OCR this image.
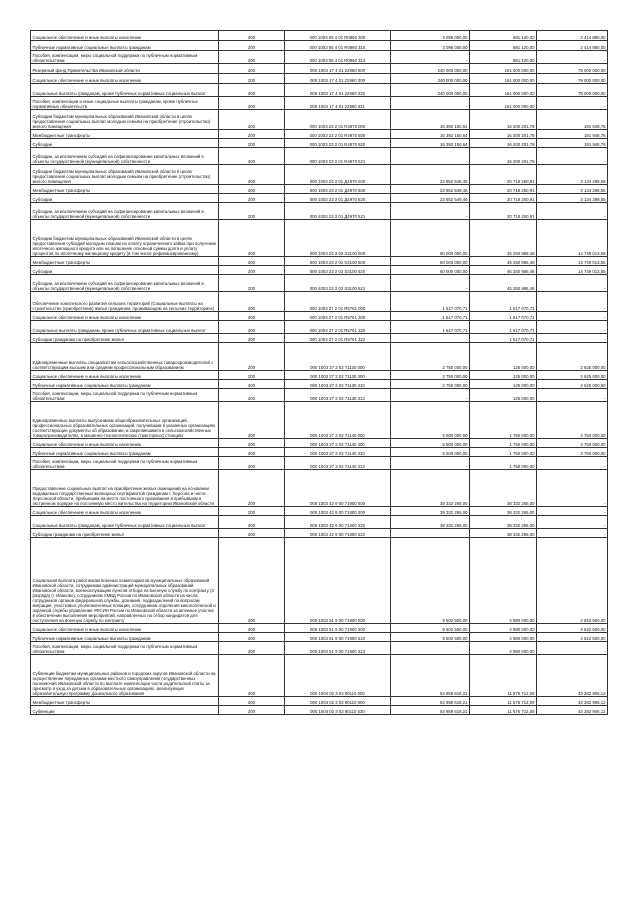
Социальное обеспечение и иные выплаты населению	200	000 1003 05 4 01 R0860 300	3 096 000,00	681 120,00	2 414 880,00
Публичные нормативные социальные выплаты гражданам	200	000 1003 05 4 01 R0860 310	3 096 000,00	681 120,00	2 414 880,00
Пособия, компенсации, меры социальной поддержки по публичным нормативным обязательствам	200	000 1003 05 4 01 R0860 313	-	681 120,00	-
Резервный фонд Правительства Ивановской области	200	000 1003 17 4 01 22960 000	240 000 000,00	161 000 000,00	79 000 000,00
Социальное обеспечение и иные выплаты населению	200	000 1003 17 4 01 22960 300	240 000 000,00	161 000 000,00	79 000 000,00
Социальные выплаты гражданам, кроме публичных нормативных социальных выплат	200	000 1003 17 4 01 22960 320	240 000 000,00	161 000 000,00	79 000 000,00
Пособия, компенсации и иные социальные выплаты гражданам, кроме публичных нормативных обязательств	200	000 1003 17 4 01 22960 321	-	161 000 000,00	-
Субсидии бюджетам муниципальных образований Ивановской области в целях предоставления социальных выплат молодым семьям на приобретение (строительство) жилого помещения	200	000 1003 23 2 01 R4970 000	16 392 150,64	16 200 201,78	191 948,76
Межбюджетные трансферты	200	000 1003 23 2 01 R4970 500	16 392 150,64	16 200 201,78	191 948,76
Субсидии	200	000 1003 23 2 01 R4970 520	16 392 150,64	16 200 201,78	191 948,76
Субсидии, за исключением субсидий на софинансирование капитальных вложений в объекты государственной (муниципальной) собственности	200	000 1003 23 2 01 R4970 521	-	16 200 201,78	-
Субсидии бюджетам муниципальных образований Ивановской области в целях предоставления социальных выплат молодым семьям на приобретение (строительство) жилого помещения	200	000 1003 23 2 01 Д4970 000	23 852 549,46	20 718 250,91	3 134 298,55
Межбюджетные трансферты	200	000 1003 23 2 01 Д4970 500	23 852 549,46	20 718 250,91	3 134 298,55
Субсидии	200	000 1003 23 2 01 Д4970 520	23 852 549,46	20 718 250,91	3 134 298,55
Субсидии, за исключением субсидий на софинансирование капитальных вложений в объекты государственной (муниципальной) собственности	200	000 1003 23 2 01 Д4970 521	-	20 718 250,91	-
Субсидии бюджетам муниципальных образований Ивановской области в целях предоставления субсидий молодым семьям на оплату ограниченного займа при получении ипотечного жилищного кредита или на погашение основной суммы долга и уплату процентов по ипотечному жилищному кредиту (в том числе рефинансированному)	200	000 1003 23 2 02 S3100 000	60 000 000,00	45 250 986,46	14 749 013,55
Межбюджетные трансферты	200	000 1003 23 2 02 S3100 500	60 000 000,00	45 250 986,46	14 749 013,55
Субсидии	200	000 1003 23 2 02 S3100 520	60 000 000,00	45 250 986,46	14 749 013,55
Субсидии, за исключением субсидий на софинансирование капитальных вложений в объекты государственной (муниципальной) собственности	200	000 1003 23 2 02 S3100 521	-	45 250 986,46	-
Обеспечение комплексного развития сельских территорий (Социальные выплаты на строительство (приобретение) жилья гражданам, проживающим на сельских территориях)	200	000 1003 27 2 01 R5761 000	1 617 070,71	1 617 070,71	-
Социальное обеспечение и иные выплаты населению	200	000 1003 27 2 01 R5761 300	1 617 070,71	1 617 070,71	-
Социальные выплаты гражданам, кроме публичных нормативных социальных выплат	200	000 1003 27 2 01 R5761 320	1 617 070,71	1 617 070,71	-
Субсидии гражданам на приобретение жилья	200	000 1003 27 2 01 R5761 322	-	1 617 070,71	-
Единовременные выплаты специалистам сельскохозяйственных товаропроизводителей с соответствующим высшим или средним профессиональным образованием	200	000 1003 27 2 02 71130 000	2 750 000,00	125 000,00	2 625 000,00
Социальное обеспечение и иные выплаты населению	200	000 1003 27 2 02 71130 300	2 750 000,00	125 000,00	2 625 000,00
Публичные нормативные социальные выплаты гражданам	200	000 1003 27 2 02 71130 310	2 750 000,00	125 000,00	2 625 000,00
Пособия, компенсации, меры социальной поддержки по публичным нормативным обязательствам	200	000 1003 27 2 02 71130 313	-	125 000,00	-
Единовременные выплаты выпускникам общеобразовательных организаций, профессиональных образовательных организаций, получившим в указанных организациях соответствующие документы об образовании, и закрепившимся в сельскохозяйственных товаропроизводителях, в машинно-технологических (тракторных) станциях	200	000 1003 27 2 02 71140 000	5 500 000,00	1 750 000,00	3 750 000,00
Социальное обеспечение и иные выплаты населению	200	000 1003 27 2 02 71140 300	5 500 000,00	1 750 000,00	3 750 000,00
Публичные нормативные социальные выплаты гражданам	200	000 1003 27 2 02 71140 310	5 500 000,00	1 750 000,00	3 750 000,00
Пособия, компенсации, меры социальной поддержки по публичным нормативным обязательствам	200	000 1003 27 2 02 71140 313	-	1 750 000,00	-
Предоставление социальных выплат на приобретение жилых помещений на основании выдаваемых государственных жилищных сертификатов гражданам г. Херсона и части Херсонской области, прибывшим на место постоянного проживания и прибывшим в экстренном порядке на постоянную место жительства на территорию Ивановской области	200	000 1003 42 9 00 71800 000	38 332 265,00	38 332 265,00	-
Социальное обеспечение и иные выплаты населению	200	000 1003 42 9 00 71800 300	38 332 265,00	38 332 265,00	-
Социальные выплаты гражданам, кроме публичных нормативных социальных выплат	200	000 1003 42 9 00 71800 320	38 332 265,00	38 332 265,00	-
Субсидии гражданам на приобретение жилья	200	000 1003 42 9 00 71800 322	-	38 332 265,00	-
Социальная выплата работникам военных комиссариатов муниципальных образований Ивановской области, сотрудникам администраций муниципальных образований Ивановской области, военнослужащим пунктов отбора на военную службу по контракту (3 разряда) (г. Иваново), сотрудникам УМВД России по Ивановской области из числа сотрудников органов федеральной службы, дознания, подразделений по вопросам миграции, участковых уполномоченных полиции, сотрудникам отделения кинологической и охранной службы управления УФСИН России по Ивановской области за активное участие в обеспечении выполнения мероприятий, направленных на отбор кандидатов для поступления на военную службу по контракту	200	000 1003 51 9 00 71900 000	9 602 500,00	4 980 000,00	4 622 500,00
Социальное обеспечение и иные выплаты населению	200	000 1003 51 9 00 71900 300	9 602 500,00	4 980 000,00	4 622 500,00
Публичные нормативные социальные выплаты гражданам	200	000 1003 51 9 00 71900 310	9 602 500,00	4 980 000,00	4 622 500,00
Пособия, компенсации, меры социальной поддержки по публичным нормативным обязательствам	200	000 1003 51 9 00 71900 313	-	4 980 000,00	-
Субвенции бюджетам муниципальных районов и городских округов Ивановской области на осуществление переданных органам местного самоуправления государственных полномочий Ивановской области по выплате компенсации части родительской платы за присмотр и уход за детьми в образовательных организациях, реализующих образовательную программу дошкольного образования	200	000 1004 02 3 02 80110 000	54 959 618,21	11 676 712,09	43 282 906,12
Межбюджетные трансферты	200	000 1004 02 3 02 80110 500	54 959 618,21	11 676 712,09	43 282 906,12
Субвенции	200	000 1004 02 3 02 80110 530	54 959 618,21	11 676 712,09	43 282 906,12
